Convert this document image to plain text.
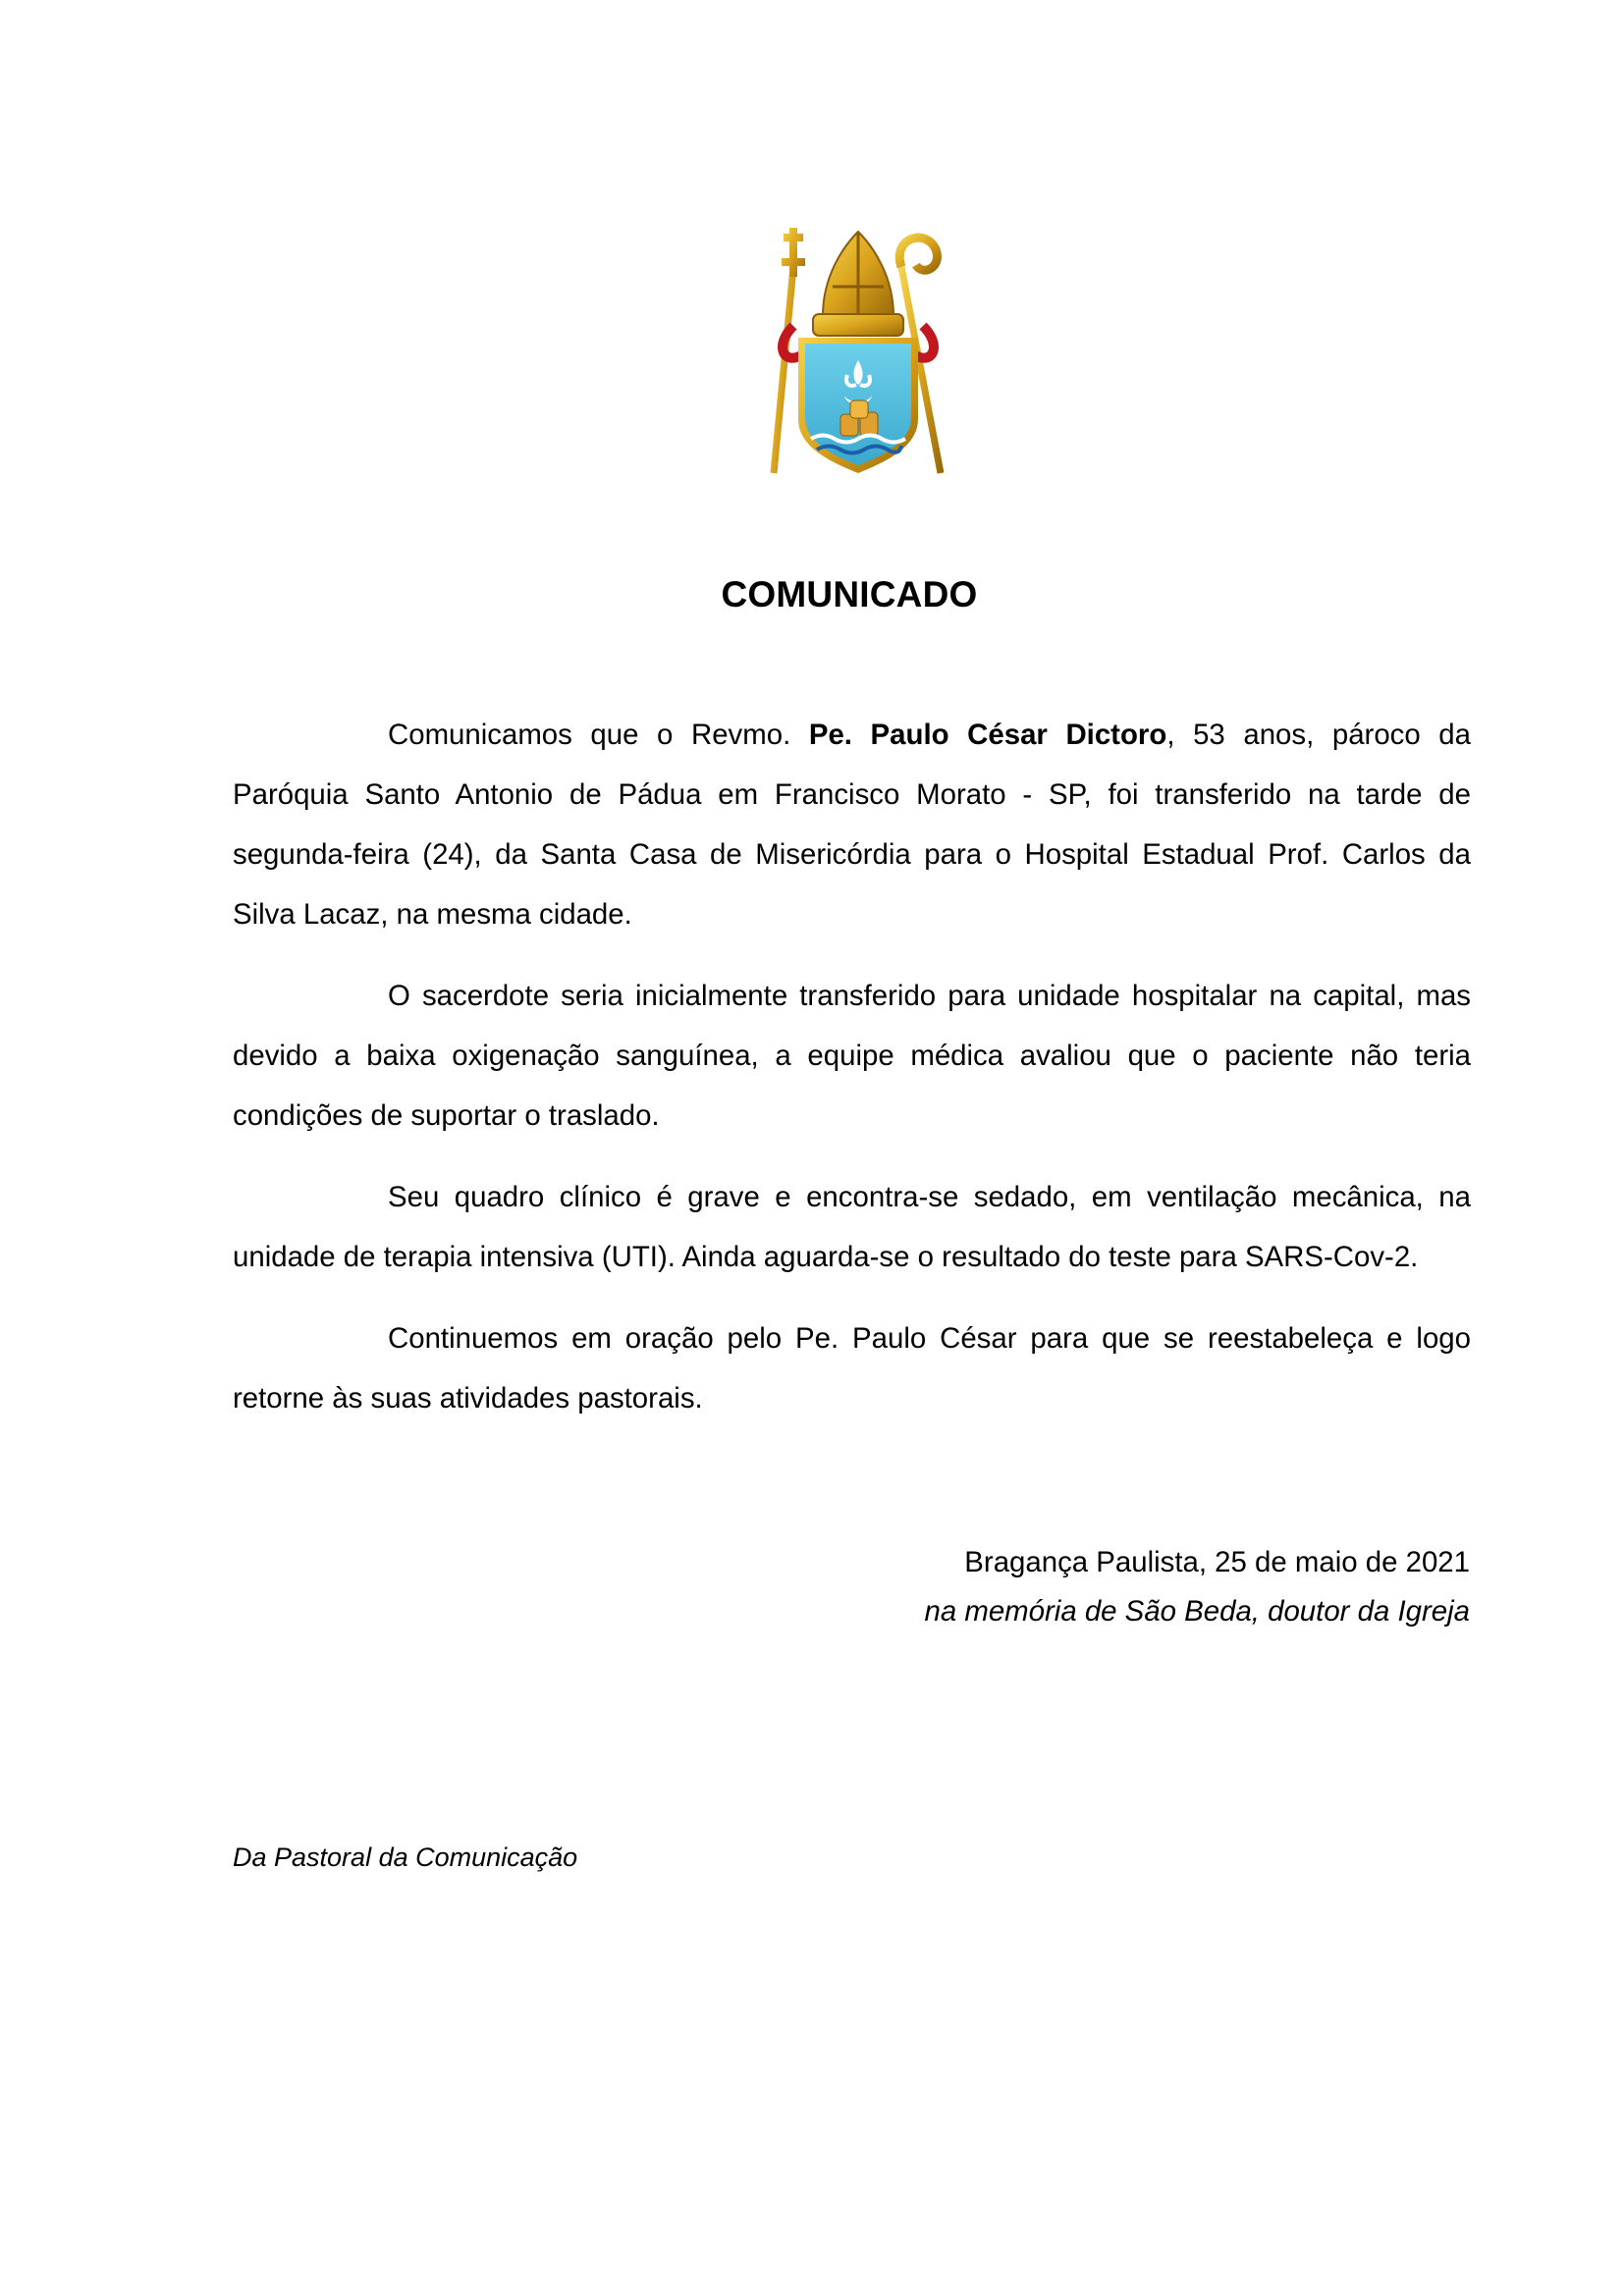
COMUNICADO

Comunicamos que o Revmo. Pe. Paulo César Dictoro, 53 anos, pároco da Paróquia Santo Antonio de Pádua em Francisco Morato - SP, foi transferido na tarde de segunda-feira (24), da Santa Casa de Misericórdia para o Hospital Estadual Prof. Carlos da Silva Lacaz, na mesma cidade.

O sacerdote seria inicialmente transferido para unidade hospitalar na capital, mas devido a baixa oxigenação sanguínea, a equipe médica avaliou que o paciente não teria condições de suportar o traslado.

Seu quadro clínico é grave e encontra-se sedado, em ventilação mecânica, na unidade de terapia intensiva (UTI). Ainda aguarda-se o resultado do teste para SARS-Cov-2.

Continuemos em oração pelo Pe. Paulo César para que se reestabeleça e logo retorne às suas atividades pastorais.

Bragança Paulista, 25 de maio de 2021
na memória de São Beda, doutor da Igreja
Da Pastoral da Comunicação
